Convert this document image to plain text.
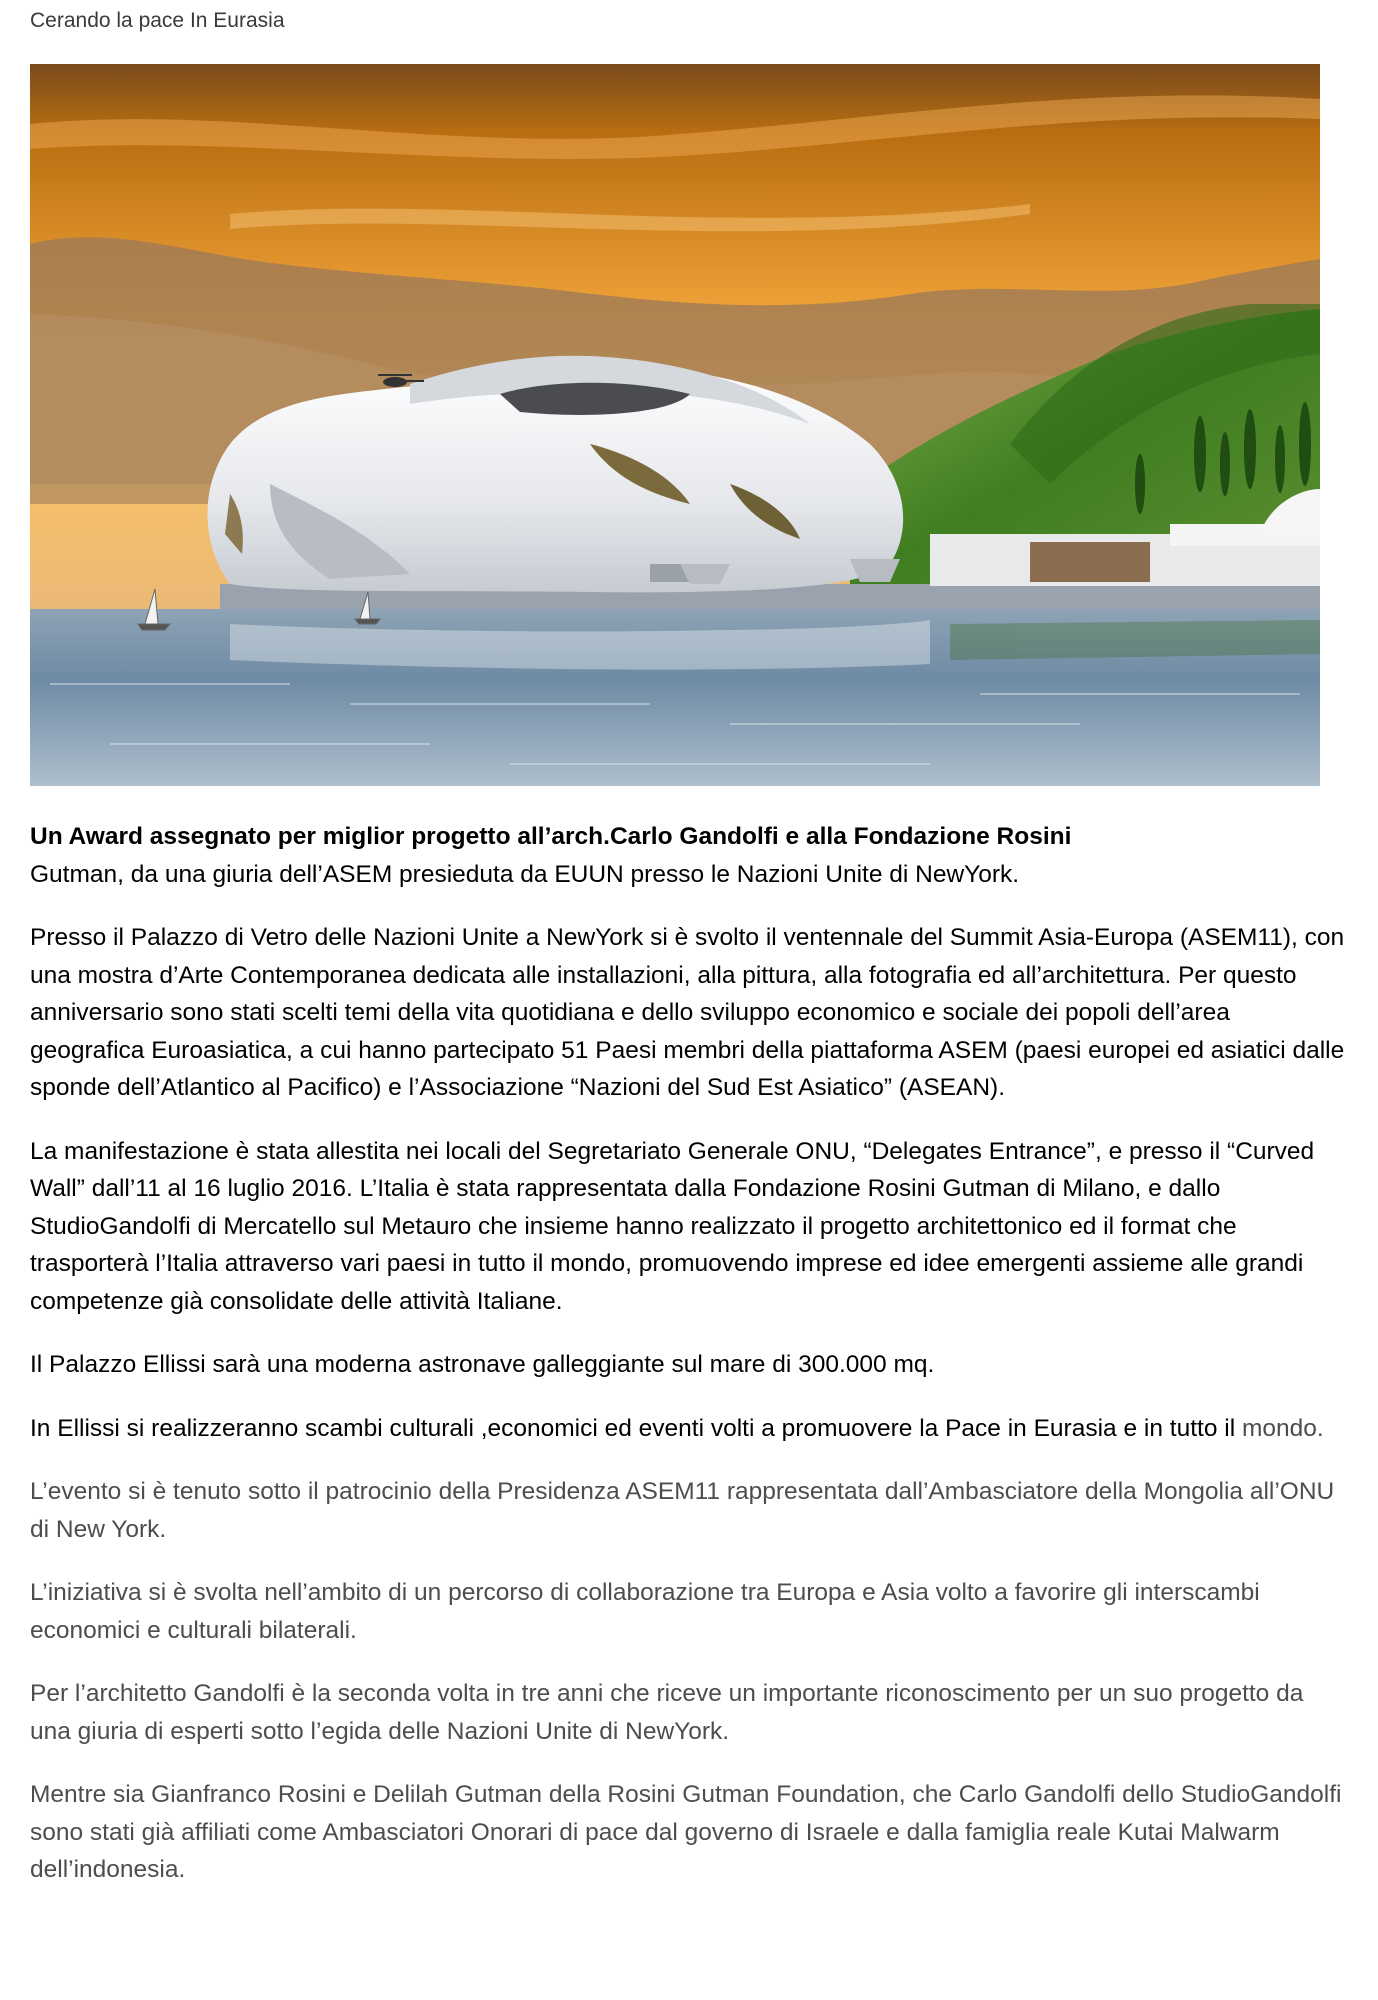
Cerando la pace In Eurasia

Un Award assegnato per miglior progetto all’arch.Carlo Gandolfi e alla Fondazione Rosini
Gutman, da una giuria dell’ASEM presieduta da EUUN presso le Nazioni Unite di NewYork.

Presso il Palazzo di Vetro delle Nazioni Unite a NewYork si è svolto il ventennale del Summit Asia-Europa (ASEM11), con una mostra d’Arte Contemporanea dedicata alle installazioni, alla pittura, alla fotografia ed all’architettura. Per questo anniversario sono stati scelti temi della vita quotidiana e dello sviluppo economico e sociale dei popoli dell’area geografica Euroasiatica, a cui hanno partecipato 51 Paesi membri della piattaforma ASEM (paesi europei ed asiatici dalle sponde dell’Atlantico al Pacifico) e l’Associazione “Nazioni del Sud Est Asiatico” (ASEAN).

La manifestazione è stata allestita nei locali del Segretariato Generale ONU, “Delegates Entrance”, e presso il “Curved Wall” dall’11 al 16 luglio 2016. L’Italia è stata rappresentata dalla Fondazione Rosini Gutman di Milano, e dallo StudioGandolfi di Mercatello sul Metauro che insieme hanno realizzato il progetto architettonico ed il format che trasporterà l’Italia attraverso vari paesi in tutto il mondo, promuovendo imprese ed idee emergenti assieme alle grandi competenze già consolidate delle attività Italiane.

Il Palazzo Ellissi sarà una moderna astronave galleggiante sul mare di 300.000 mq.

In Ellissi si realizzeranno scambi culturali ,economici ed eventi volti a promuovere la Pace in Eurasia e in tutto il mondo.

L’evento si è tenuto sotto il patrocinio della Presidenza ASEM11 rappresentata dall’Ambasciatore della Mongolia all’ONU di New York.

L’iniziativa si è svolta nell’ambito di un percorso di collaborazione tra Europa e Asia volto a favorire gli interscambi economici e culturali bilaterali.

Per l’architetto Gandolfi è la seconda volta in tre anni che riceve un importante riconoscimento per un suo progetto da una giuria di esperti sotto l’egida delle Nazioni Unite di NewYork.

Mentre sia Gianfranco Rosini e Delilah Gutman della Rosini Gutman Foundation, che Carlo Gandolfi dello StudioGandolfi sono stati già affiliati come Ambasciatori Onorari di pace dal governo di Israele e dalla famiglia reale Kutai Malwarm dell’indonesia.
